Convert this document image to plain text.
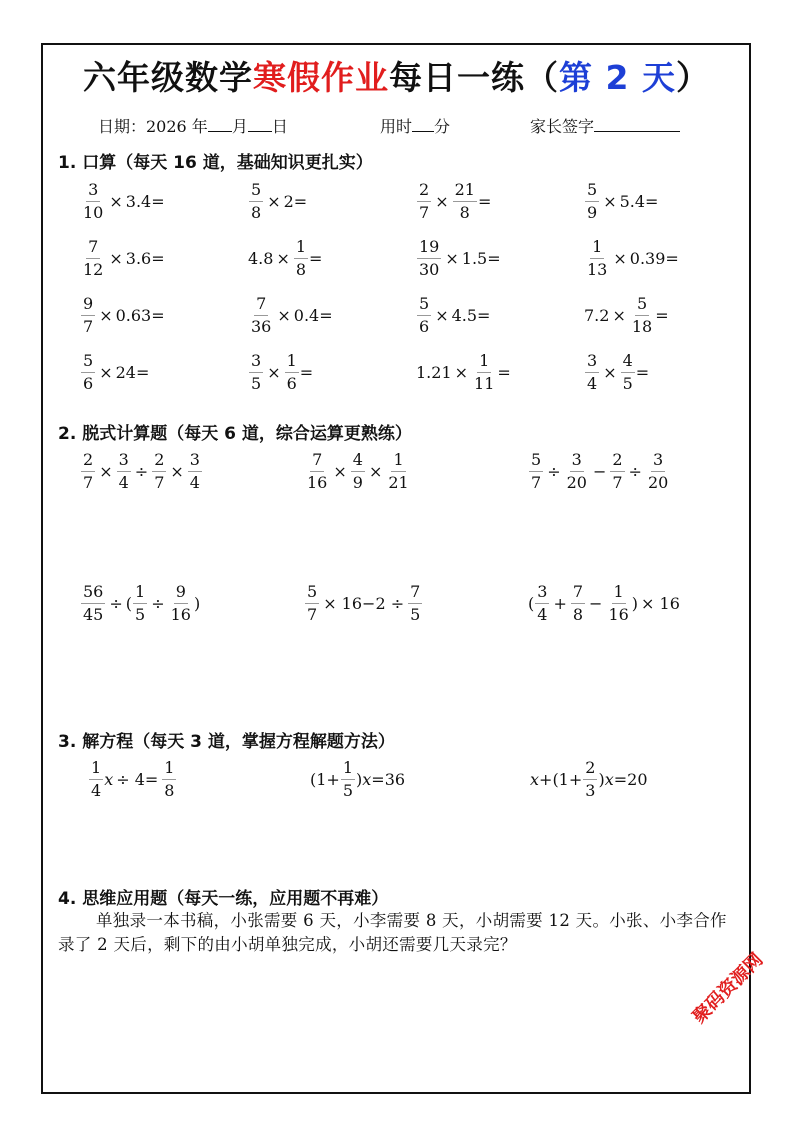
六年级数学寒假作业每日一练（第 2 天）
日期：2026 年 月 日	用时 分	家长签字
1. 口算（每天 16 道，基础知识更扎实）
$\frac{3}{10} \times 3.4=$	$\frac{5}{8} \times 2=$	$\frac{2}{7} \times \frac{21}{8}$ =	$\frac{5}{9} \times 5.4=$
$\frac{7}{12} \times 3.6=$	$4.8 \times \frac{1}{8}$ =	$\frac{19}{30} \times 1.5=$	$\frac{1}{13} \times 0.39=$
$\frac{9}{7} \times 0.63=$	$\frac{7}{36} \times 0.4=$	$\frac{5}{6} \times 4.5=$	$7.2 \times \frac{5}{18}$ =
$\frac{5}{6} \times 24=$	$\frac{3}{5} \times \frac{1}{6}$ =	$1.21 \times \frac{1}{11}$ =	$\frac{3}{4} \times \frac{4}{5}$ =
2. 脱式计算题（每天 6 道，综合运算更熟练）
$\frac{2}{7} \times \frac{3}{4} \div \frac{2}{7} \times \frac{3}{4}$	$\frac{7}{16} \times \frac{4}{9} \times \frac{1}{21}$	$\frac{5}{7} \div \frac{3}{20} - \frac{2}{7} \div \frac{3}{20}$
$\frac{56}{45}$ ÷ ( $\frac{1}{5} \div \frac{9}{16}$ )	$\frac{5}{7} \times 16-2 \div \frac{7}{5}$	( $\frac{3}{4} + \frac{7}{8} - \frac{1}{16}$ ) × 16
3. 解方程（每天 3 道，掌握方程解题方法）
$\frac{1}{4}$ $x \div 4= \frac{1}{8}$	($1+ \frac{1}{5}$ ) x =36	$x +(1+ \frac{2}{3}$ ) x =20
4. 思维应用题（每天一练，应用题不再难）
单独录一本书稿，小张需要 6 天，小李需要 8 天，小胡需要 12 天。小张、小李合作录了 2 天后，剩下的由小胡单独完成，小胡还需要几天录完？
聚码资源网
